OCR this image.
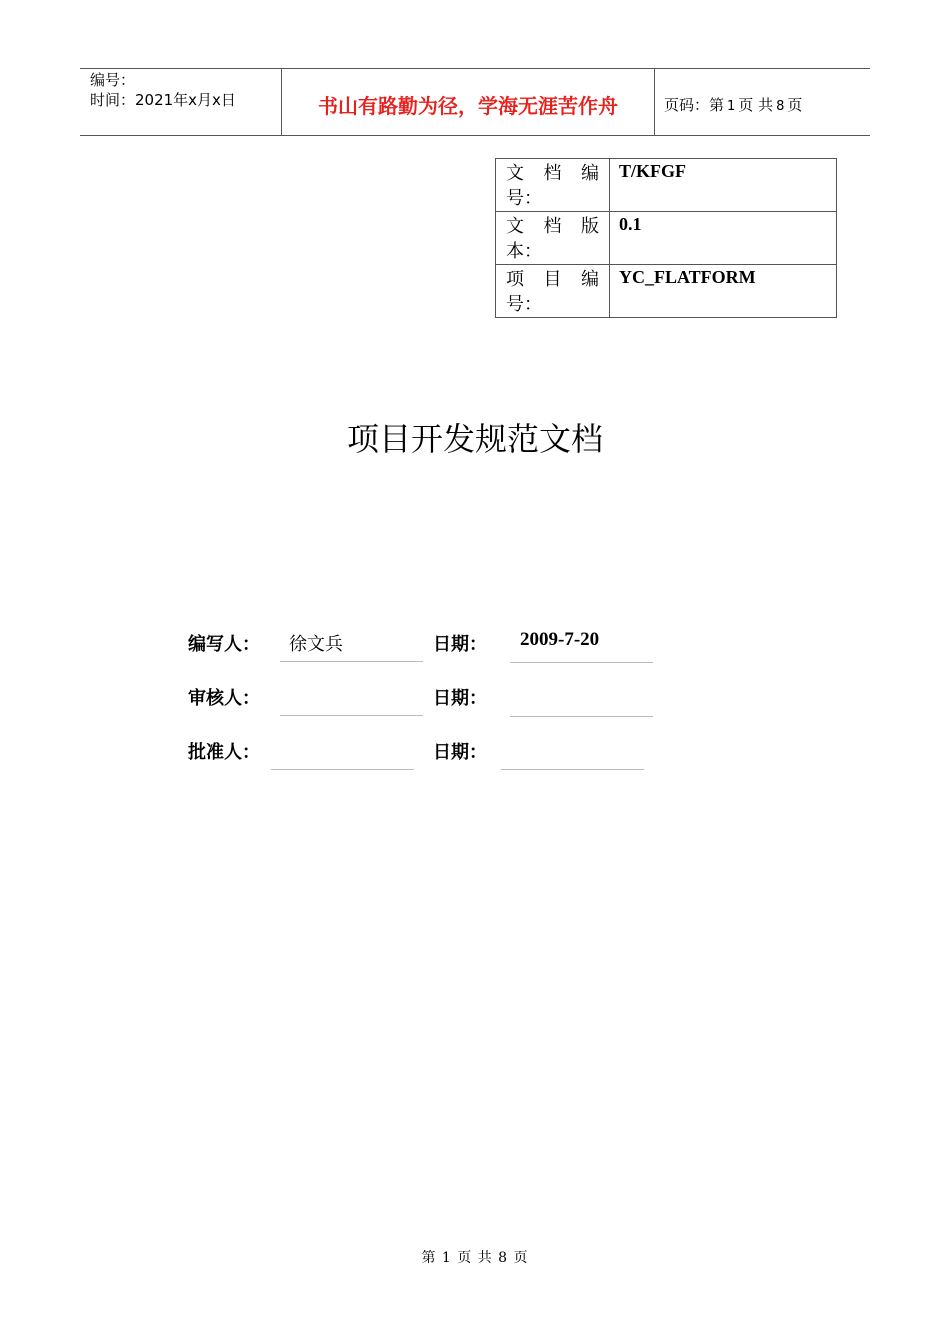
编号：
时间：2021年x月x日	书山有路勤为径，学海无涯苦作舟	页码：第 1 页 共 8 页
文 档 编
号：	T/KFGF

文 档 版
本：	0.1

项 目 编
号：	YC_FLATFORM
项目开发规范文档
编写人： 徐文兵	日期： 2009-7-20
审核人：	日期：
批准人：	日期：
第 1 页 共 8 页
